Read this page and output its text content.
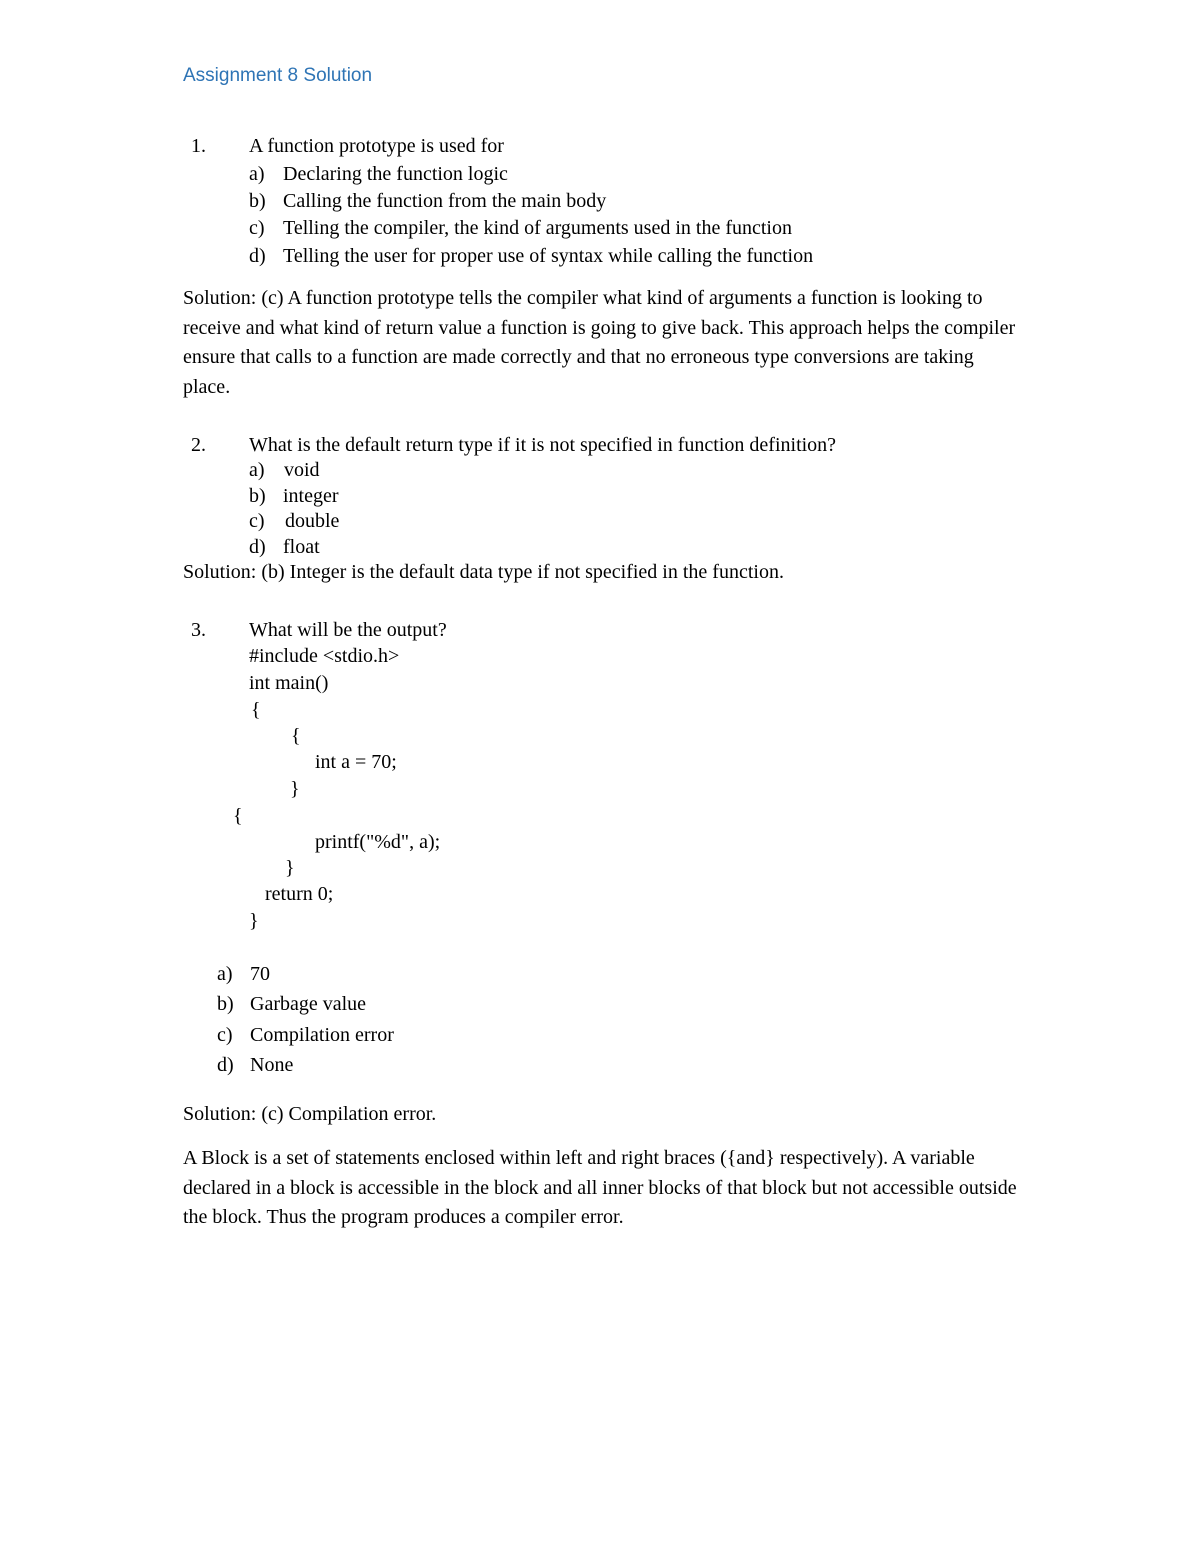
Assignment 8 Solution
1. A function prototype is used for
a) Declaring the function logic
b) Calling the function from the main body
c) Telling the compiler, the kind of arguments used in the function
d) Telling the user for proper use of syntax while calling the function
Solution: (c) A function prototype tells the compiler what kind of arguments a function is looking to receive and what kind of return value a function is going to give back. This approach helps the compiler ensure that calls to a function are made correctly and that no erroneous type conversions are taking place.
2. What is the default return type if it is not specified in function definition?
a) void
b) integer
c) double
d) float
Solution: (b) Integer is the default data type if not specified in the function.
3. What will be the output?
#include <stdio.h>
int main()
{
{
int a = 70;
}
{
printf("%d", a);
}
return 0;
}
a) 70
b) Garbage value
c) Compilation error
d) None
Solution: (c) Compilation error.
A Block is a set of statements enclosed within left and right braces ({and} respectively). A variable declared in a block is accessible in the block and all inner blocks of that block but not accessible outside the block. Thus the program produces a compiler error.
